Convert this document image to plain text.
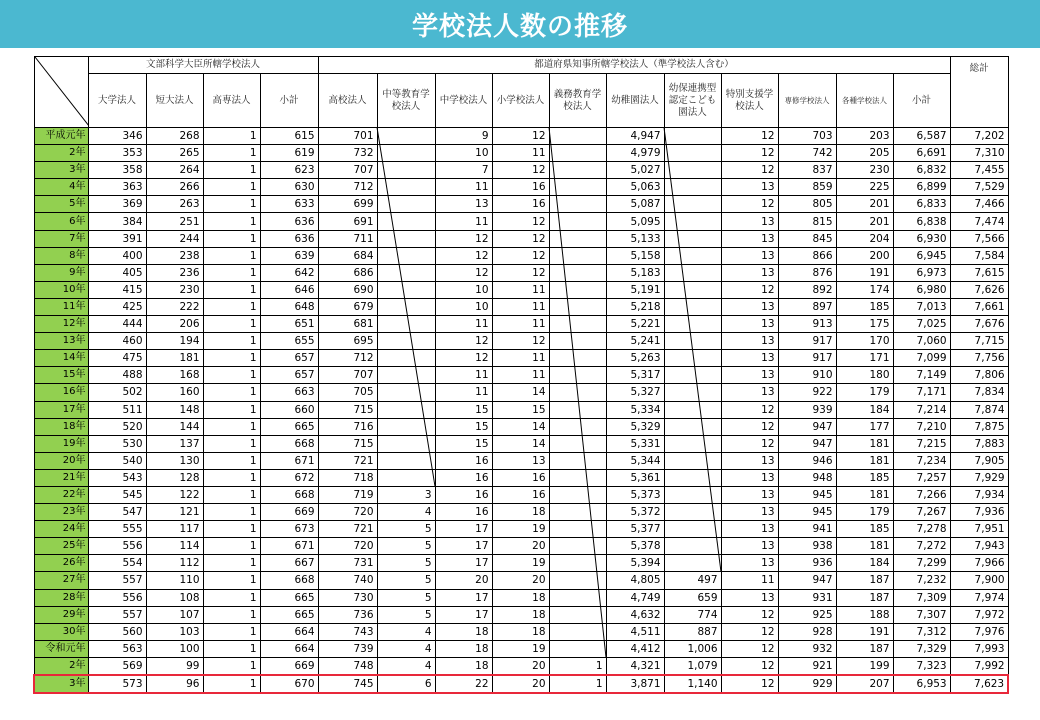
学校法人数の推移
	文部科学大臣所轄学校法人				都道府県知事所轄学校法人（準学校法人含む）											総計
	大学法人	短大法人	高専法人	小計	高校法人	中等教育学校法人	中学校法人	小学校法人	義務教育学校法人	幼稚園法人	幼保連携型認定こども園法人	特別支援学校法人	専修学校法人	各種学校法人	小計	
平成元年	346	268	1	615	701		9	12		4,947		12	703	203	6,587	7,202
2年	353	265	1	619	732		10	11		4,979		12	742	205	6,691	7,310
3年	358	264	1	623	707		7	12		5,027		12	837	230	6,832	7,455
4年	363	266	1	630	712		11	16		5,063		13	859	225	6,899	7,529
5年	369	263	1	633	699		13	16		5,087		12	805	201	6,833	7,466
6年	384	251	1	636	691		11	12		5,095		13	815	201	6,838	7,474
7年	391	244	1	636	711		12	12		5,133		13	845	204	6,930	7,566
8年	400	238	1	639	684		12	12		5,158		13	866	200	6,945	7,584
9年	405	236	1	642	686		12	12		5,183		13	876	191	6,973	7,615
10年	415	230	1	646	690		10	11		5,191		12	892	174	6,980	7,626
11年	425	222	1	648	679		10	11		5,218		13	897	185	7,013	7,661
12年	444	206	1	651	681		11	11		5,221		13	913	175	7,025	7,676
13年	460	194	1	655	695		12	12		5,241		13	917	170	7,060	7,715
14年	475	181	1	657	712		12	11		5,263		13	917	171	7,099	7,756
15年	488	168	1	657	707		11	11		5,317		13	910	180	7,149	7,806
16年	502	160	1	663	705		11	14		5,327		13	922	179	7,171	7,834
17年	511	148	1	660	715		15	15		5,334		12	939	184	7,214	7,874
18年	520	144	1	665	716		15	14		5,329		12	947	177	7,210	7,875
19年	530	137	1	668	715		15	14		5,331		12	947	181	7,215	7,883
20年	540	130	1	671	721		16	13		5,344		13	946	181	7,234	7,905
21年	543	128	1	672	718		16	16		5,361		13	948	185	7,257	7,929
22年	545	122	1	668	719	3	16	16		5,373		13	945	181	7,266	7,934
23年	547	121	1	669	720	4	16	18		5,372		13	945	179	7,267	7,936
24年	555	117	1	673	721	5	17	19		5,377		13	941	185	7,278	7,951
25年	556	114	1	671	720	5	17	20		5,378		13	938	181	7,272	7,943
26年	554	112	1	667	731	5	17	19		5,394		13	936	184	7,299	7,966
27年	557	110	1	668	740	5	20	20		4,805	497	11	947	187	7,232	7,900
28年	556	108	1	665	730	5	17	18		4,749	659	13	931	187	7,309	7,974
29年	557	107	1	665	736	5	17	18		4,632	774	12	925	188	7,307	7,972
30年	560	103	1	664	743	4	18	18		4,511	887	12	928	191	7,312	7,976
令和元年	563	100	1	664	739	4	18	19		4,412	1,006	12	932	187	7,329	7,993
2年	569	99	1	669	748	4	18	20	1	4,321	1,079	12	921	199	7,323	7,992
3年	573	96	1	670	745	6	22	20	1	3,871	1,140	12	929	207	6,953	7,623
